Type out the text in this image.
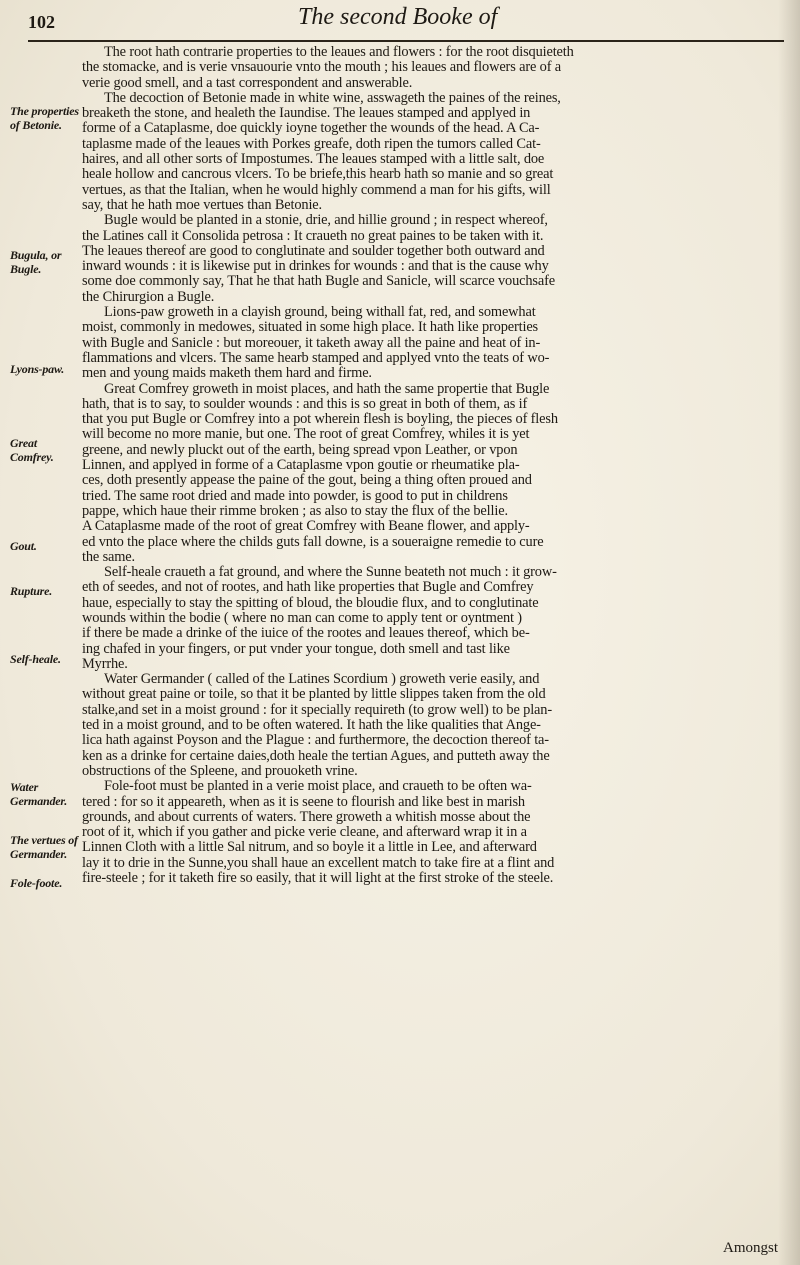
102	The second Booke of
The properties of Betonie.
Bugula, or Bugle.
Lyons-paw.
Great Comfrey.
Gout.
Rupture.
Self-heale.
Water Germander.
The vertues of Germander.
Fole-foote.
The root hath contrarie properties to the leaues and flowers : for the root disquieteth
the stomacke, and is verie vnsauourie vnto the mouth ; his leaues and flowers are of a
verie good smell, and a tast correspondent and answerable.
The decoction of Betonie made in white wine, asswageth the paines of the reines,
breaketh the stone, and healeth the Iaundise. The leaues stamped and applyed in
forme of a Cataplasme, doe quickly ioyne together the wounds of the head. A Ca-
taplasme made of the leaues with Porkes greafe, doth ripen the tumors called Cat-
haires, and all other sorts of Impostumes. The leaues stamped with a little salt, doe
heale hollow and cancrous vlcers. To be briefe,this hearb hath so manie and so great
vertues, as that the Italian, when he would highly commend a man for his gifts, will
say, that he hath moe vertues than Betonie.
Bugle would be planted in a stonie, drie, and hillie ground ; in respect whereof,
the Latines call it Consolida petrosa : It craueth no great paines to be taken with it.
The leaues thereof are good to conglutinate and soulder together both outward and
inward wounds : it is likewise put in drinkes for wounds : and that is the cause why
some doe commonly say, That he that hath Bugle and Sanicle, will scarce vouchsafe
the Chirurgion a Bugle.
Lions-paw groweth in a clayish ground, being withall fat, red, and somewhat
moist, commonly in medowes, situated in some high place. It hath like properties
with Bugle and Sanicle : but moreouer, it taketh away all the paine and heat of in-
flammations and vlcers. The same hearb stamped and applyed vnto the teats of wo-
men and young maids maketh them hard and firme.
Great Comfrey groweth in moist places, and hath the same propertie that Bugle
hath, that is to say, to soulder wounds : and this is so great in both of them, as if
that you put Bugle or Comfrey into a pot wherein flesh is boyling, the pieces of flesh
will become no more manie, but one. The root of great Comfrey, whiles it is yet
greene, and newly pluckt out of the earth, being spread vpon Leather, or vpon
Linnen, and applyed in forme of a Cataplasme vpon goutie or rheumatike pla-
ces, doth presently appease the paine of the gout, being a thing often proued and
tried. The same root dried and made into powder, is good to put in childrens
pappe, which haue their rimme broken ; as also to stay the flux of the bellie.
A Cataplasme made of the root of great Comfrey with Beane flower, and apply-
ed vnto the place where the childs guts fall downe, is a soueraigne remedie to cure
the same.
Self-heale craueth a fat ground, and where the Sunne beateth not much : it grow-
eth of seedes, and not of rootes, and hath like properties that Bugle and Comfrey
haue, especially to stay the spitting of bloud, the bloudie flux, and to conglutinate
wounds within the bodie ( where no man can come to apply tent or oyntment )
if there be made a drinke of the iuice of the rootes and leaues thereof, which be-
ing chafed in your fingers, or put vnder your tongue, doth smell and tast like
Myrrhe.
Water Germander ( called of the Latines Scordium ) groweth verie easily, and
without great paine or toile, so that it be planted by little slippes taken from the old
stalke,and set in a moist ground : for it specially requireth (to grow well) to be plan-
ted in a moist ground, and to be often watered. It hath the like qualities that Ange-
lica hath against Poyson and the Plague : and furthermore, the decoction thereof ta-
ken as a drinke for certaine daies,doth heale the tertian Agues, and putteth away the
obstructions of the Spleene, and prouoketh vrine.
Fole-foot must be planted in a verie moist place, and craueth to be often wa-
tered : for so it appeareth, when as it is seene to flourish and like best in marish
grounds, and about currents of waters. There groweth a whitish mosse about the
root of it, which if you gather and picke verie cleane, and afterward wrap it in a
Linnen Cloth with a little Sal nitrum, and so boyle it a little in Lee, and afterward
lay it to drie in the Sunne,you shall haue an excellent match to take fire at a flint and
fire-steele ; for it taketh fire so easily, that it will light at the first stroke of the steele.
Amongst
